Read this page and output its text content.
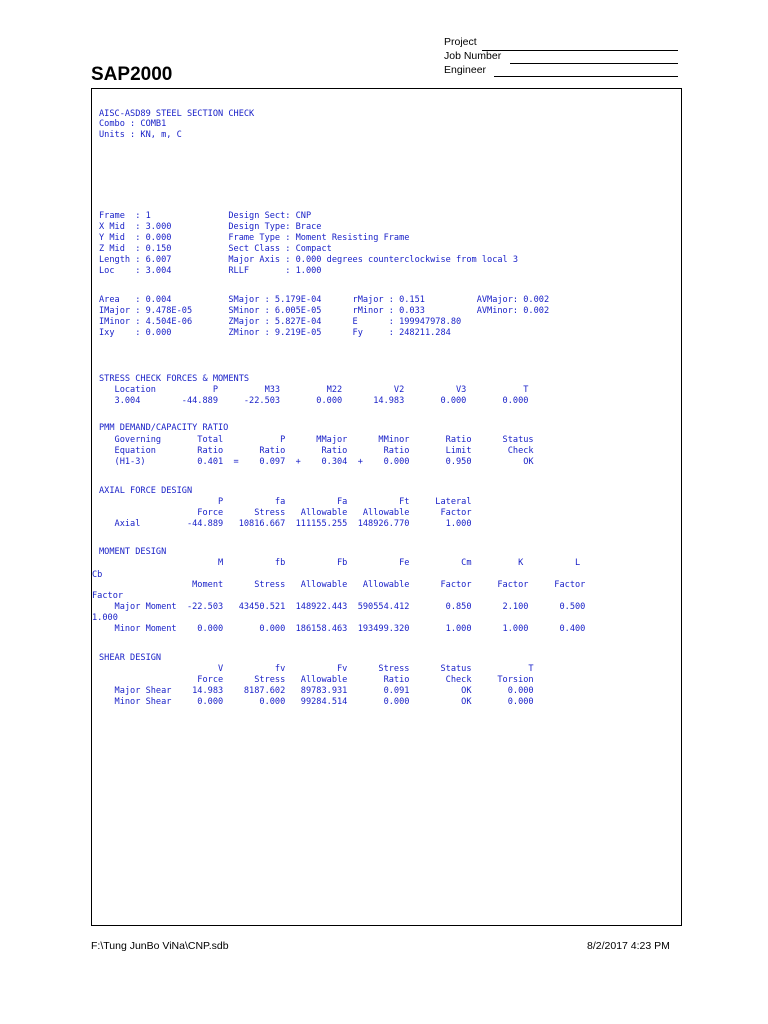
SAP2000
Project
Job Number
Engineer

AISC-ASD89 STEEL SECTION CHECK

Combo : COMB1

Units : KN, m, C

Frame  : 1               Design Sect: CNP

X Mid  : 3.000           Design Type: Brace

Y Mid  : 0.000           Frame Type : Moment Resisting Frame

Z Mid  : 0.150           Sect Class : Compact

Length : 6.007           Major Axis : 0.000 degrees counterclockwise from local 3

Loc    : 3.004           RLLF       : 1.000

Area   : 0.004           SMajor : 5.179E-04      rMajor : 0.151          AVMajor: 0.002

IMajor : 9.478E-05       SMinor : 6.005E-05      rMinor : 0.033          AVMinor: 0.002

IMinor : 4.504E-06       ZMajor : 5.827E-04      E      : 199947978.80

Ixy    : 0.000           ZMinor : 9.219E-05      Fy     : 248211.284

STRESS CHECK FORCES & MOMENTS

Location           P         M33         M22          V2          V3           T

3.004        -44.889     -22.503       0.000      14.983       0.000       0.000

PMM DEMAND/CAPACITY RATIO

Governing       Total           P      MMajor      MMinor       Ratio      Status

Equation        Ratio       Ratio       Ratio       Ratio       Limit       Check

(H1-3)          0.401  =    0.097  +    0.304  +    0.000       0.950          OK

AXIAL FORCE DESIGN

P          fa          Fa          Ft     Lateral

Force      Stress   Allowable   Allowable      Factor

Axial         -44.889   10816.667  111155.255  148926.770       1.000

MOMENT DESIGN

M          fb          Fb          Fe          Cm         K          L

Cb

Moment      Stress   Allowable   Allowable      Factor     Factor     Factor

Factor

Major Moment  -22.503   43450.521  148922.443  590554.412       0.850      2.100      0.500

1.000

Minor Moment    0.000       0.000  186158.463  193499.320       1.000      1.000      0.400

SHEAR DESIGN

V          fv          Fv      Stress      Status           T

Force      Stress   Allowable       Ratio       Check     Torsion

Major Shear    14.983    8187.602   89783.931       0.091          OK       0.000

Minor Shear     0.000       0.000   99284.514       0.000          OK       0.000

F:\Tung JunBo ViNa\CNP.sdb	8/2/2017 4:23 PM
